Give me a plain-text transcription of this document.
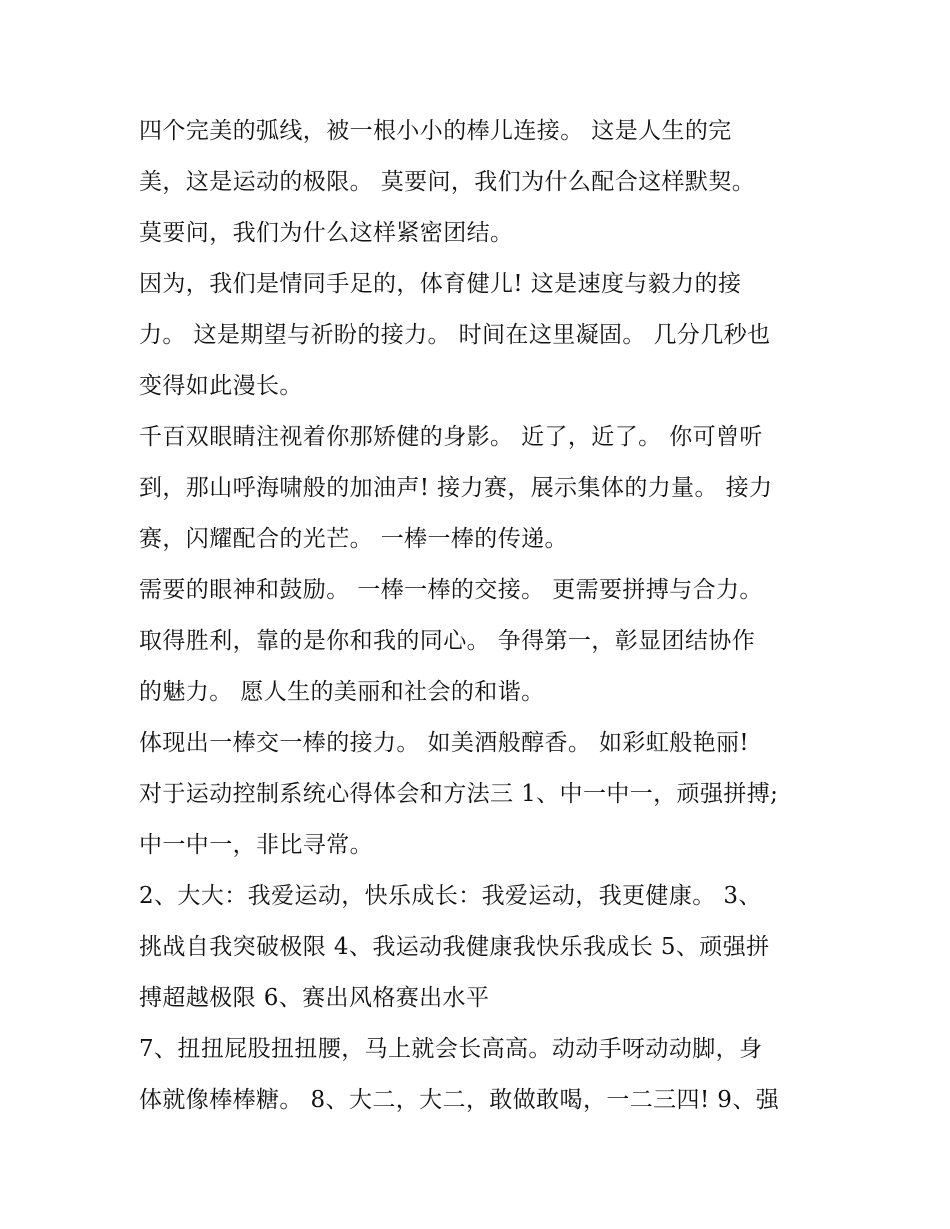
四个完美的弧线，被一根小小的棒儿连接。 这是人生的完
美，这是运动的极限。 莫要问，我们为什么配合这样默契。
莫要问，我们为什么这样紧密团结。
因为，我们是情同手足的，体育健儿! 这是速度与毅力的接
力。 这是期望与祈盼的接力。 时间在这里凝固。 几分几秒也
变得如此漫长。
千百双眼睛注视着你那矫健的身影。 近了，近了。 你可曾听
到，那山呼海啸般的加油声! 接力赛，展示集体的力量。 接力
赛，闪耀配合的光芒。 一棒一棒的传递。
需要的眼神和鼓励。 一棒一棒的交接。 更需要拼搏与合力。
取得胜利，靠的是你和我的同心。 争得第一，彰显团结协作
的魅力。 愿人生的美丽和社会的和谐。
体现出一棒交一棒的接力。 如美酒般醇香。 如彩虹般艳丽!
对于运动控制系统心得体会和方法三 1、中一中一，顽强拼搏;
中一中一，非比寻常。
2、大大：我爱运动，快乐成长：我爱运动，我更健康。 3、
挑战自我突破极限 4、我运动我健康我快乐我成长 5、顽强拼
搏超越极限 6、赛出风格赛出水平
7、扭扭屁股扭扭腰，马上就会长高高。动动手呀动动脚，身
体就像棒棒糖。 8、大二，大二，敢做敢喝，一二三四! 9、强
